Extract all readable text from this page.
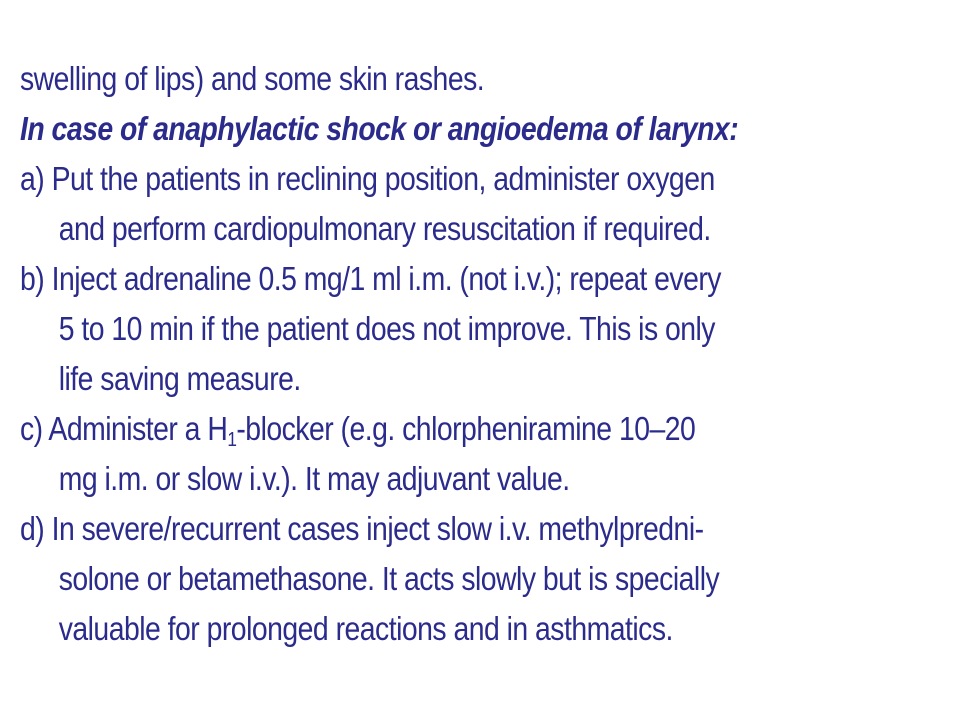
swelling of lips) and some skin rashes.
In case of anaphylactic shock or angioedema of larynx:
a) Put the patients in reclining position, administer oxygen
and perform cardiopulmonary resuscitation if required.
b) Inject adrenaline 0.5 mg/1 ml i.m. (not i.v.); repeat every
5 to 10 min if the patient does not improve. This is only
life saving measure.
c) Administer a $H_1$-blocker (e.g. chlorpheniramine 10–20
mg i.m. or slow i.v.). It may adjuvant value.
d) In severe/recurrent cases inject slow i.v. methylpredni-
solone or betamethasone. It acts slowly but is specially
valuable for prolonged reactions and in asthmatics.
